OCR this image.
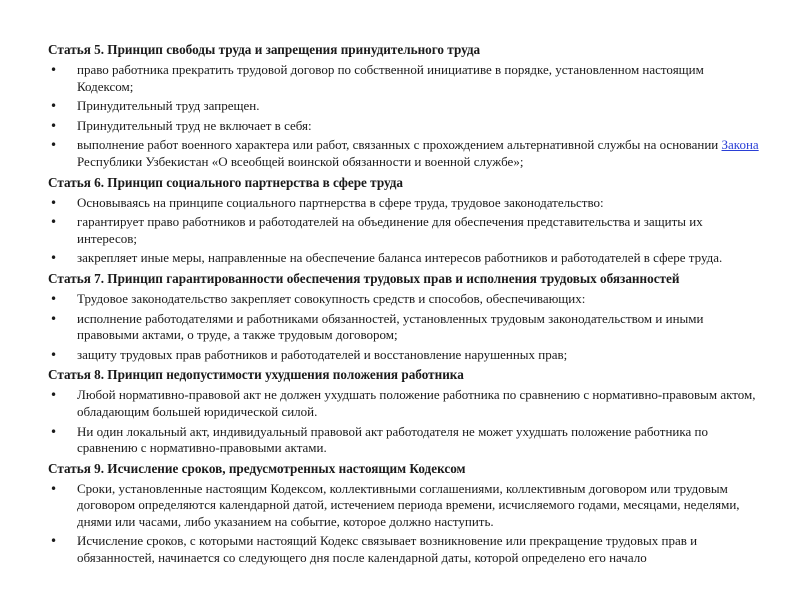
Статья 5. Принцип свободы труда и запрещения принудительного труда
• право работника прекратить трудовой договор по собственной инициативе в порядке, установленном настоящим Кодексом;
• Принудительный труд запрещен.
• Принудительный труд не включает в себя:
• выполнение работ военного характера или работ, связанных с прохождением альтернативной службы на основании Закона Республики Узбекистан «О всеобщей воинской обязанности и военной службе»;
Статья 6. Принцип социального партнерства в сфере труда
• Основываясь на принципе социального партнерства в сфере труда, трудовое законодательство:
• гарантирует право работников и работодателей на объединение для обеспечения представительства и защиты их интересов;
• закрепляет иные меры, направленные на обеспечение баланса интересов работников и работодателей в сфере труда.
Статья 7. Принцип гарантированности обеспечения трудовых прав и исполнения трудовых обязанностей
• Трудовое законодательство закрепляет совокупность средств и способов, обеспечивающих:
• исполнение работодателями и работниками обязанностей, установленных трудовым законодательством и иными правовыми актами, о труде, а также трудовым договором;
• защиту трудовых прав работников и работодателей и восстановление нарушенных прав;
Статья 8. Принцип недопустимости ухудшения положения работника
• Любой нормативно-правовой акт не должен ухудшать положение работника по сравнению с нормативно-правовым актом, обладающим большей юридической силой.
• Ни один локальный акт, индивидуальный правовой акт работодателя не может ухудшать положение работника по сравнению с нормативно-правовыми актами.
Статья 9. Исчисление сроков, предусмотренных настоящим Кодексом
• Сроки, установленные настоящим Кодексом, коллективными соглашениями, коллективным договором или трудовым договором определяются календарной датой, истечением периода времени, исчисляемого годами, месяцами, неделями, днями или часами, либо указанием на событие, которое должно наступить.
• Исчисление сроков, с которыми настоящий Кодекс связывает возникновение или прекращение трудовых прав и обязанностей, начинается со следующего дня после календарной даты, которой определено его начало
